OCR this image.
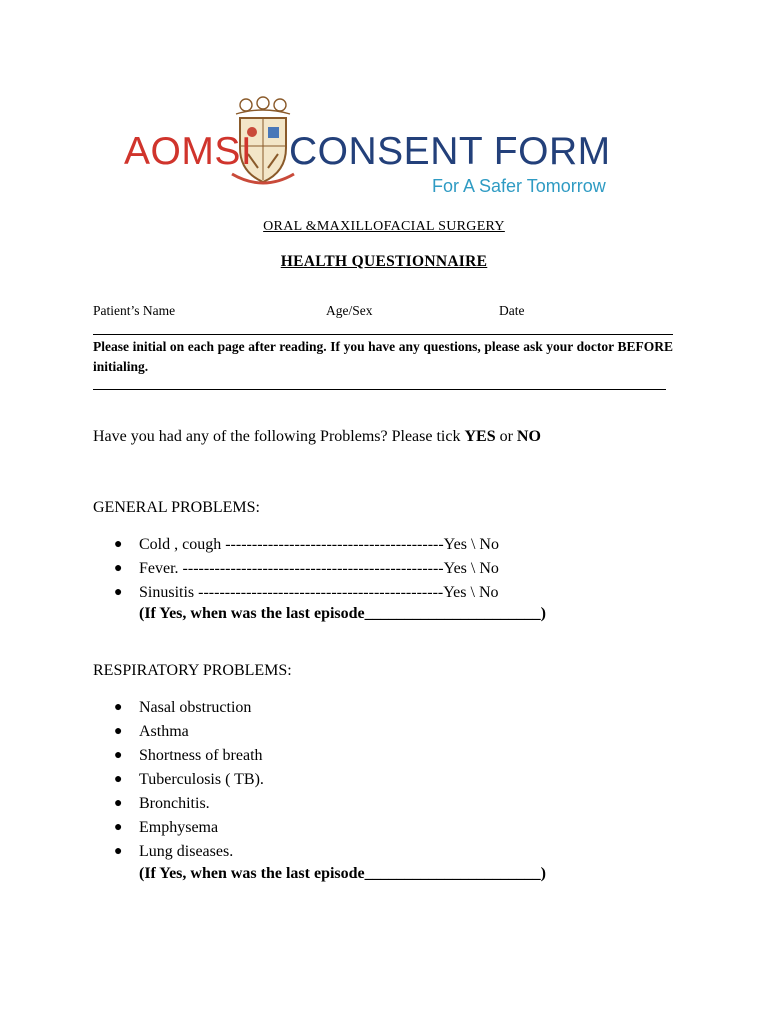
AOMSI CONSENT FORM
For A Safer Tomorrow
ORAL &MAXILLOFACIAL SURGERY
HEALTH QUESTIONNAIRE
Patient’s Name	Age/Sex	Date
Please initial on each page after reading. If you have any questions, please ask your doctor BEFORE initialing.
Have you had any of the following Problems? Please tick YES or NO
GENERAL PROBLEMS:
● Cold , cough -----------------------------------------Yes \ No
● Fever. -------------------------------------------------Yes \ No
● Sinusitis ----------------------------------------------Yes \ No
(If Yes, when was the last episode______________________)
RESPIRATORY PROBLEMS:
● Nasal obstruction
● Asthma
● Shortness of breath
● Tuberculosis ( TB).
● Bronchitis.
● Emphysema
● Lung diseases.
(If Yes, when was the last episode______________________)
